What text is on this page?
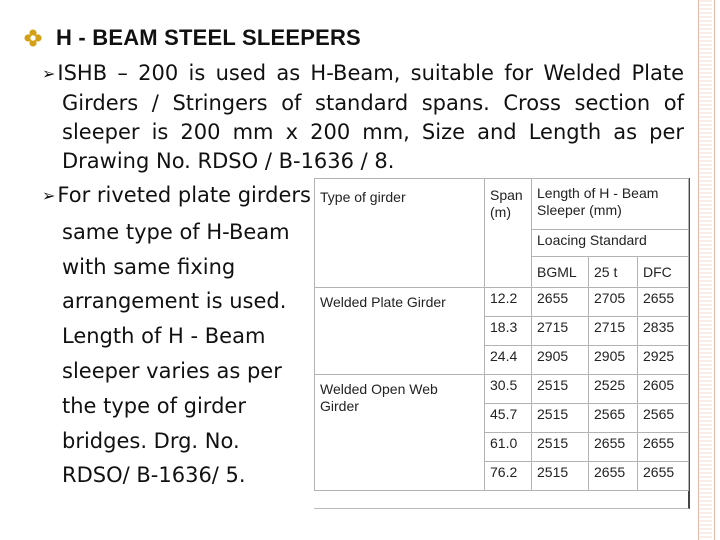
H - BEAM STEEL SLEEPERS
➢ISHB – 200 is used as H-Beam, suitable for Welded Plate
Girders / Stringers of standard spans. Cross section of
sleeper is 200 mm x 200 mm, Size and Length as per
Drawing No. RDSO / B-1636 / 8.
➢For riveted plate girders
same type of H-Beam
with same fixing
arrangement is used.
Length of H - Beam
sleeper varies as per
the type of girder
bridges. Drg. No.
RDSO/ B-1636/ 5.
Type of girder	Span (m)	Length of H - Beam Sleeper (mm)		
		Loacing Standard		
		BGML	25 t	DFC
Welded Plate Girder	12.2	2655	2705	2655
	18.3	2715	2715	2835
	24.4	2905	2905	2925
Welded Open Web Girder	30.5	2515	2525	2605
	45.7	2515	2565	2565
	61.0	2515	2655	2655
	76.2	2515	2655	2655
